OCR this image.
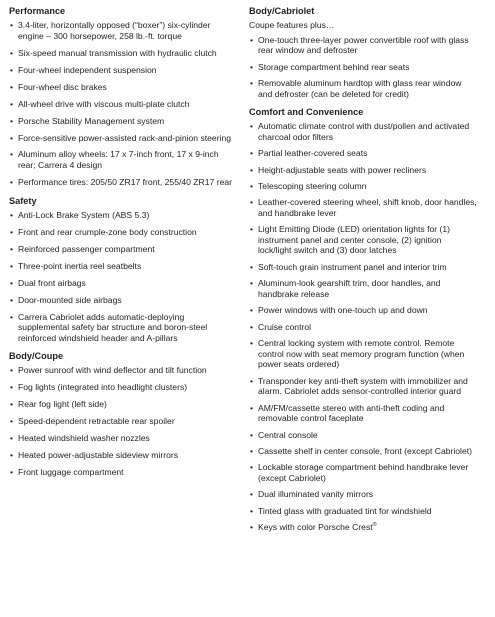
Performance
• 3.4-liter, horizontally opposed (“boxer”) six-cylinder engine – 300 horsepower, 258 lb.-ft. torque
• Six-speed manual transmission with hydraulic clutch
• Four-wheel independent suspension
• Four-wheel disc brakes
• All-wheel drive with viscous multi-plate clutch
• Porsche Stability Management system
• Force-sensitive power-assisted rack-and-pinion steering
• Aluminum alloy wheels: 17 x 7-inch front, 17 x 9-inch rear; Carrera 4 design
• Performance tires: 205/50 ZR17 front, 255/40 ZR17 rear
Safety
• Anti-Lock Brake System (ABS 5.3)
• Front and rear crumple-zone body construction
• Reinforced passenger compartment
• Three-point inertia reel seatbelts
• Dual front airbags
• Door-mounted side airbags
• Carrera Cabriolet adds automatic-deploying supplemental safety bar structure and boron-steel reinforced windshield header and A-pillars
Body/Coupe
• Power sunroof with wind deflector and tilt function
• Fog lights (integrated into headlight clusters)
• Rear fog light (left side)
• Speed-dependent retractable rear spoiler
• Heated windshield washer nozzles
• Heated power-adjustable sideview mirrors
• Front luggage compartment
Body/Cabriolet
Coupe features plus…
• One-touch three-layer power convertible roof with glass rear window and defroster
• Storage compartment behind rear seats
• Removable aluminum hardtop with glass rear window and defroster (can be deleted for credit)
Comfort and Convenience
• Automatic climate control with dust/pollen and activated charcoal odor filters
• Partial leather-covered seats
• Height-adjustable seats with power recliners
• Telescoping steering column
• Leather-covered steering wheel, shift knob, door handles, and handbrake lever
• Light Emitting Diode (LED) orientation lights for (1) instrument panel and center console, (2) ignition lock/light switch and (3) door latches
• Soft-touch grain instrument panel and interior trim
• Aluminum-look gearshift trim, door handles, and handbrake release
• Power windows with one-touch up and down
• Cruise control
• Central locking system with remote control. Remote control now with seat memory program function (when power seats ordered)
• Transponder key anti-theft system with immobilizer and alarm. Cabriolet adds sensor-controlled interior guard
• AM/FM/cassette stereo with anti-theft coding and removable control faceplate
• Central console
• Cassette shelf in center console, front (except Cabriolet)
• Lockable storage compartment behind handbrake lever (except Cabriolet)
• Dual illuminated vanity mirrors
• Tinted glass with graduated tint for windshield
• Keys with color Porsche Crest®
